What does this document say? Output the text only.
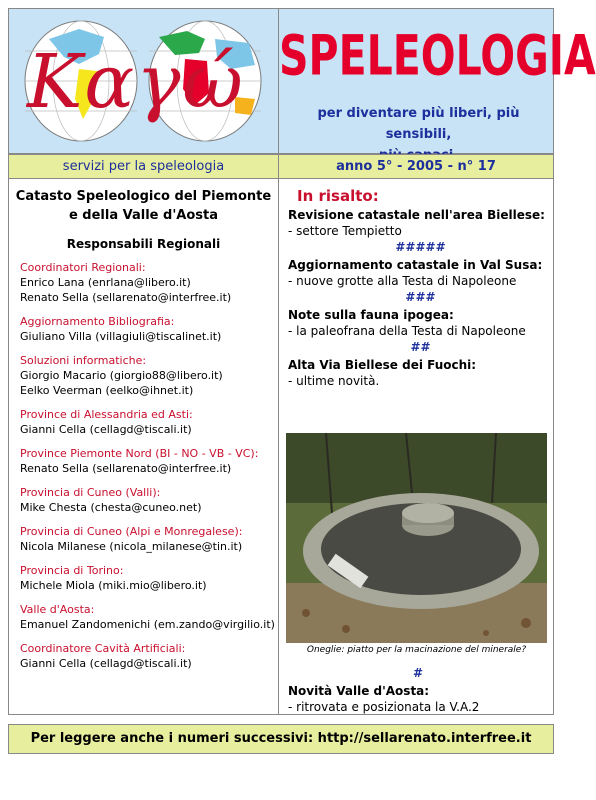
Καγώ SPELEOLOGIA
per diventare più liberi, più sensibili,
servizi per la speleologia	anno 5° - 2005 - n° 17
Catasto Speleologico del Piemonte
e della Valle d'Aosta
Responsabili Regionali
Coordinatori Regionali:
Enrico Lana (enrlana@libero.it)
Renato Sella (sellarenato@interfree.it)
Aggiornamento Bibliografia:
Giuliano Villa (villagiuli@tiscalinet.it)
Soluzioni informatiche:
Giorgio Macario (giorgio88@libero.it)
Eelko Veerman (eelko@ihnet.it)
Province di Alessandria ed Asti:
Gianni Cella (cellagd@tiscali.it)
Province Piemonte Nord (BI - NO - VB - VC):
Renato Sella (sellarenato@interfree.it)
Provincia di Cuneo (Valli):
Mike Chesta (chesta@cuneo.net)
Provincia di Cuneo (Alpi e Monregalese):
Nicola Milanese (nicola_milanese@tin.it)
Provincia di Torino:
Michele Miola (miki.mio@libero.it)
Valle d'Aosta:
Emanuel Zandomenichi (em.zando@virgilio.it)
Coordinatore Cavità Artificiali:
Gianni Cella (cellagd@tiscali.it)
In risalto:
Revisione catastale nell'area Biellese:
- settore Tempietto
#####
Aggiornamento catastale in Val Susa:
- nuove grotte alla Testa di Napoleone
###
Note sulla fauna ipogea:
- la paleofrana della Testa di Napoleone
##
Alta Via Biellese dei Fuochi:
- ultime novità.
Oneglie: piatto per la macinazione del minerale?
#
Novità Valle d'Aosta:
- ritrovata e posizionata la V.A.2
Per leggere anche i numeri successivi: http://sellarenato.interfree.it
